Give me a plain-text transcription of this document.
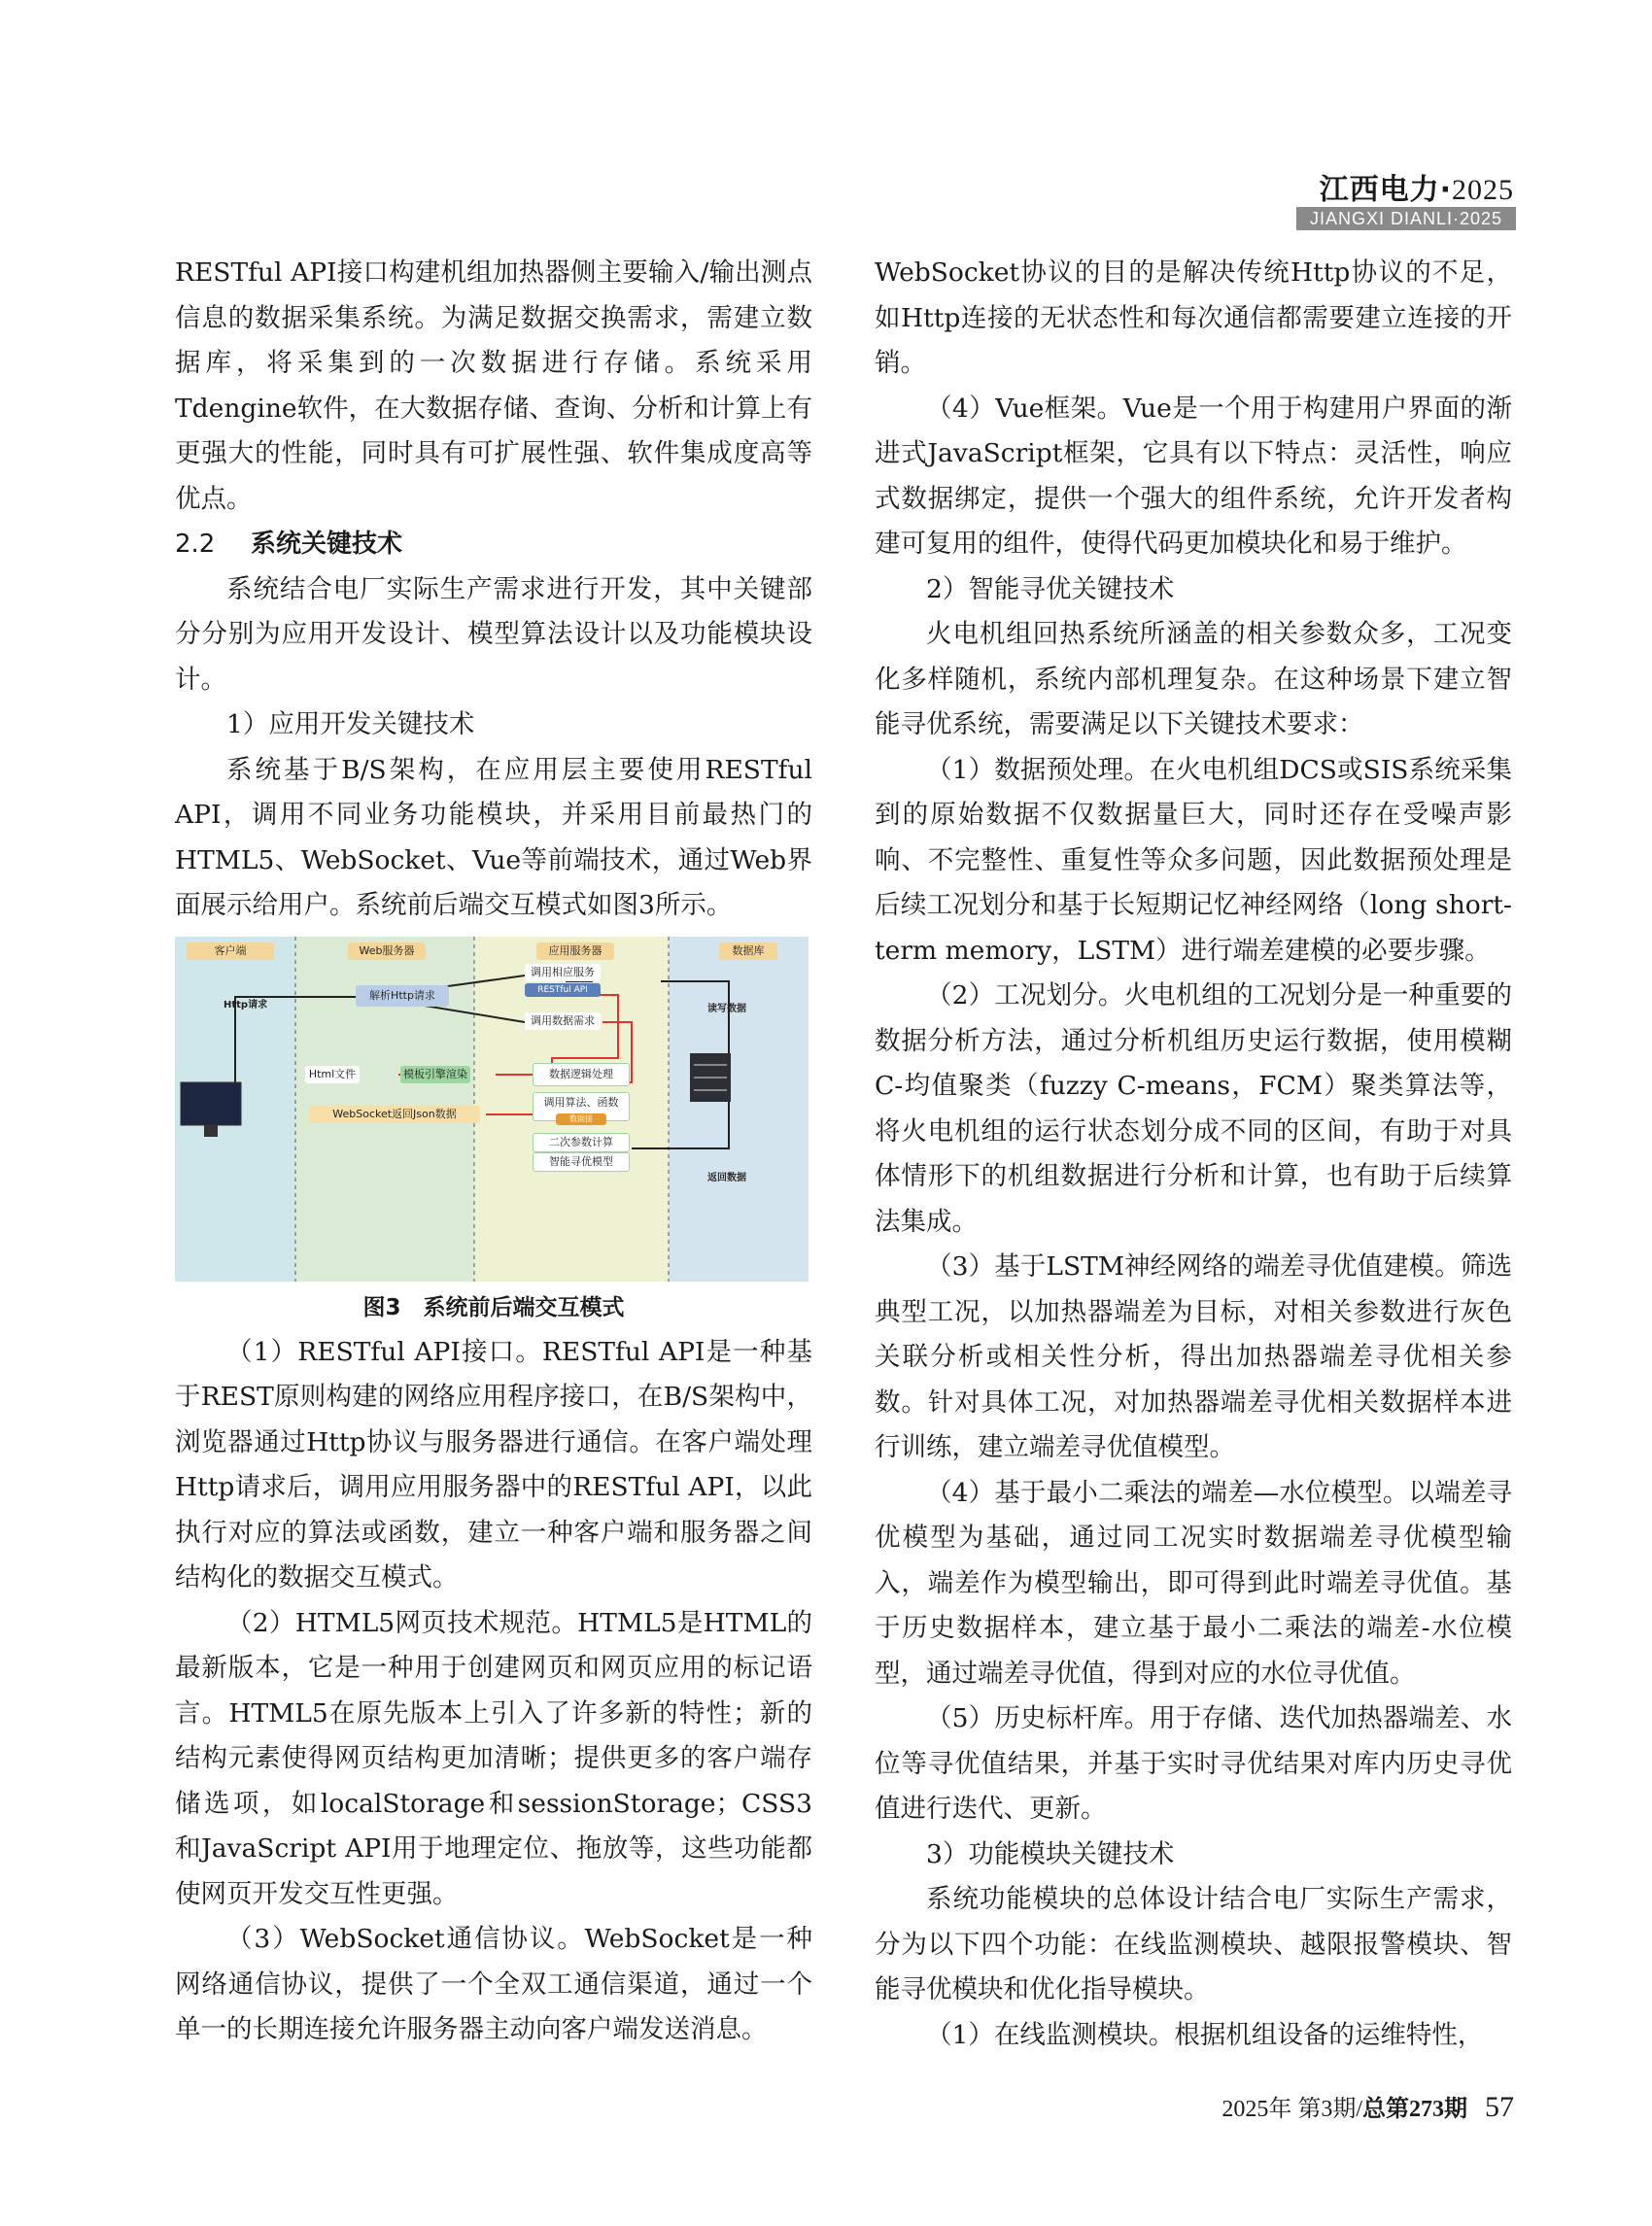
江西电力·2025
JIANGXI DIANLI·2025

RESTful API接口构建机组加热器侧主要输入/输出测点信息的数据采集系统。为满足数据交换需求，需建立数据库，将采集到的一次数据进行存储。系统采用Tdengine软件，在大数据存储、查询、分析和计算上有更强大的性能，同时具有可扩展性强、软件集成度高等优点。

2.2 系统关键技术

系统结合电厂实际生产需求进行开发，其中关键部分分别为应用开发设计、模型算法设计以及功能模块设计。

1）应用开发关键技术

系统基于B/S架构，在应用层主要使用RESTful API，调用不同业务功能模块，并采用目前最热门的HTML5、WebSocket、Vue等前端技术，通过Web界面展示给用户。系统前后端交互模式如图3所示。

客户端	Web服务器	应用服务器	数据库
Http请求
解析Http请求
调用相应服务
RESTful API
调用数据需求
读写数据
Html文件	模板引擎渲染	数据逻辑处理
调用算法、函数
数据接
WebSocket返回Json数据
返回数据
二次参数计算
智能寻优模型
图3　系统前后端交互模式

（1）RESTful API接口。RESTful API是一种基于REST原则构建的网络应用程序接口，在B/S架构中，浏览器通过Http协议与服务器进行通信。在客户端处理Http请求后，调用应用服务器中的RESTful API，以此执行对应的算法或函数，建立一种客户端和服务器之间结构化的数据交互模式。

（2）HTML5网页技术规范。HTML5是HTML的最新版本，它是一种用于创建网页和网页应用的标记语言。HTML5在原先版本上引入了许多新的特性；新的结构元素使得网页结构更加清晰；提供更多的客户端存储选项，如localStorage和sessionStorage；CSS3和JavaScript API用于地理定位、拖放等，这些功能都使网页开发交互性更强。

（3）WebSocket通信协议。WebSocket是一种网络通信协议，提供了一个全双工通信渠道，通过一个单一的长期连接允许服务器主动向客户端发送消息。

WebSocket协议的目的是解决传统Http协议的不足，如Http连接的无状态性和每次通信都需要建立连接的开销。

（4）Vue框架。Vue是一个用于构建用户界面的渐进式JavaScript框架，它具有以下特点：灵活性，响应式数据绑定，提供一个强大的组件系统，允许开发者构建可复用的组件，使得代码更加模块化和易于维护。

2）智能寻优关键技术

火电机组回热系统所涵盖的相关参数众多，工况变化多样随机，系统内部机理复杂。在这种场景下建立智能寻优系统，需要满足以下关键技术要求：

（1）数据预处理。在火电机组DCS或SIS系统采集到的原始数据不仅数据量巨大，同时还存在受噪声影响、不完整性、重复性等众多问题，因此数据预处理是后续工况划分和基于长短期记忆神经网络（long short-term memory，LSTM）进行端差建模的必要步骤。

（2）工况划分。火电机组的工况划分是一种重要的数据分析方法，通过分析机组历史运行数据，使用模糊C-均值聚类（fuzzy C-means，FCM）聚类算法等，将火电机组的运行状态划分成不同的区间，有助于对具体情形下的机组数据进行分析和计算，也有助于后续算法集成。

（3）基于LSTM神经网络的端差寻优值建模。筛选典型工况，以加热器端差为目标，对相关参数进行灰色关联分析或相关性分析，得出加热器端差寻优相关参数。针对具体工况，对加热器端差寻优相关数据样本进行训练，建立端差寻优值模型。

（4）基于最小二乘法的端差—水位模型。以端差寻优模型为基础，通过同工况实时数据端差寻优模型输入，端差作为模型输出，即可得到此时端差寻优值。基于历史数据样本，建立基于最小二乘法的端差-水位模型，通过端差寻优值，得到对应的水位寻优值。

（5）历史标杆库。用于存储、迭代加热器端差、水位等寻优值结果，并基于实时寻优结果对库内历史寻优值进行迭代、更新。

3）功能模块关键技术

系统功能模块的总体设计结合电厂实际生产需求，分为以下四个功能：在线监测模块、越限报警模块、智能寻优模块和优化指导模块。

（1）在线监测模块。根据机组设备的运维特性，

2025年 第3期/总第273期 57
